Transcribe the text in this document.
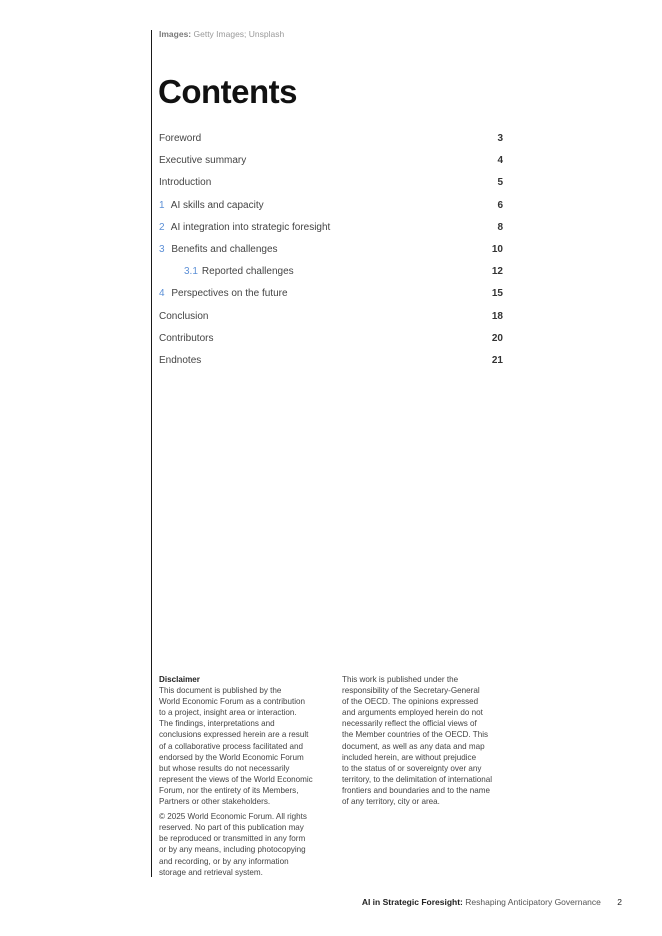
Images: Getty Images; Unsplash
Contents
Foreword	3
Executive summary	4
Introduction	5
1 AI skills and capacity	6
2 AI integration into strategic foresight	8
3 Benefits and challenges	10
3.1 Reported challenges	12
4 Perspectives on the future	15
Conclusion	18
Contributors	20
Endnotes	21
Disclaimer
This document is published by the
World Economic Forum as a contribution
to a project, insight area or interaction.
The findings, interpretations and
conclusions expressed herein are a result
of a collaborative process facilitated and
endorsed by the World Economic Forum
but whose results do not necessarily
represent the views of the World Economic
Forum, nor the entirety of its Members,
Partners or other stakeholders.
© 2025 World Economic Forum. All rights
reserved. No part of this publication may
be reproduced or transmitted in any form
or by any means, including photocopying
and recording, or by any information
storage and retrieval system.
This work is published under the
responsibility of the Secretary-General
of the OECD. The opinions expressed
and arguments employed herein do not
necessarily reflect the official views of
the Member countries of the OECD. This
document, as well as any data and map
included herein, are without prejudice
to the status of or sovereignty over any
territory, to the delimitation of international
frontiers and boundaries and to the name
of any territory, city or area.
AI in Strategic Foresight: Reshaping Anticipatory Governance 2
